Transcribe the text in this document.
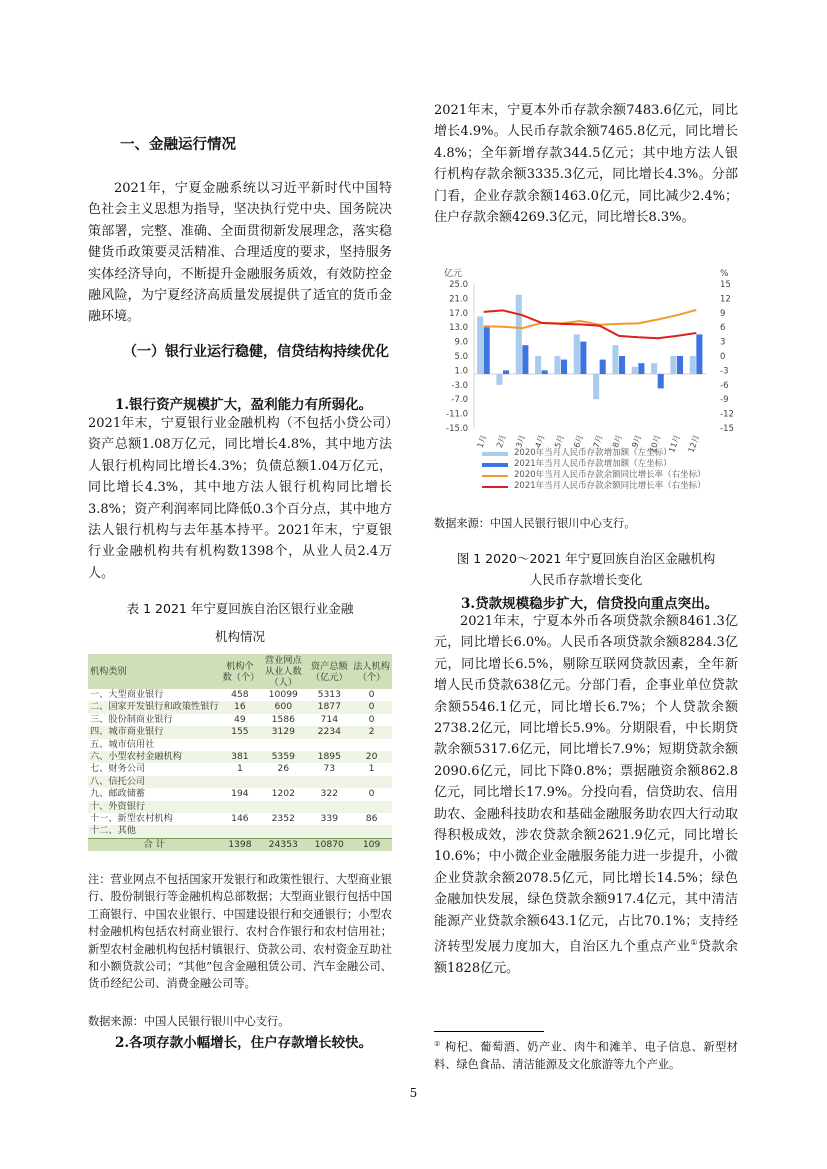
一、金融运行情况

2021年，宁夏金融系统以习近平新时代中国特色社会主义思想为指导，坚决执行党中央、国务院决策部署，完整、准确、全面贯彻新发展理念，落实稳健货币政策要灵活精准、合理适度的要求，坚持服务实体经济导向，不断提升金融服务质效，有效防控金融风险，为宁夏经济高质量发展提供了适宜的货币金融环境。

（一）银行业运行稳健，信贷结构持续优化
1.银行资产规模扩大，盈利能力有所弱化。

2021年末，宁夏银行业金融机构（不包括小贷公司）资产总额1.08万亿元，同比增长4.8%，其中地方法人银行机构同比增长4.3%；负债总额1.04万亿元，同比增长4.3%，其中地方法人银行机构同比增长3.8%；资产利润率同比降低0.3个百分点，其中地方法人银行机构与去年基本持平。2021年末，宁夏银行业金融机构共有机构数1398个，从业人员2.4万人。

表 1 2021 年宁夏回族自治区银行业金融
机构情况
机构类别	机构个数（个）	营业网点从业人数（人）	资产总额（亿元）	法人机构（个）
一、大型商业银行	458	10099	5313	0
二、国家开发银行和政策性银行	16	600	1877	0
三、股份制商业银行	49	1586	714	0
四、城市商业银行	155	3129	2234	2
五、城市信用社				
六、小型农村金融机构	381	5359	1895	20
七、财务公司	1	26	73	1
八、信托公司				
九、邮政储蓄	194	1202	322	0
十、外资银行				
十一、新型农村机构	146	2352	339	86
十二、其他				
合 计	1398	24353	10870	109

注：营业网点不包括国家开发银行和政策性银行、大型商业银行、股份制银行等金融机构总部数据；大型商业银行包括中国工商银行、中国农业银行、中国建设银行和交通银行；小型农村金融机构包括农村商业银行、农村合作银行和农村信用社；新型农村金融机构包括村镇银行、贷款公司、农村资金互助社和小额贷款公司；“其他”包含金融租赁公司、汽车金融公司、货币经纪公司、消费金融公司等。

数据来源：中国人民银行银川中心支行。
2.各项存款小幅增长，住户存款增长较快。

2021年末，宁夏本外币存款余额7483.6亿元，同比增长4.9%。人民币存款余额7465.8亿元，同比增长4.8%；全年新增存款344.5亿元；其中地方法人银行机构存款余额3335.3亿元，同比增长4.3%。分部门看，企业存款余额1463.0亿元，同比减少2.4%；住户存款余额4269.3亿元，同比增长8.3%。

亿元	%
25.0
21.0
17.0
13.0
9.0
5.0
1.0
-3.0
-7.0
-11.0
-15.0
15
12
9
6
3
0
-3
-6
-9
-12
-15
1月 2月 3月 4月 5月 6月 7月 8月 9月 10月 11月 12月
2020年当月人民币存款增加额（左坐标）
2021年当月人民币存款增加额（左坐标）
2020年当月人民币存款余额同比增长率（右坐标）
2021年当月人民币存款余额同比增长率（右坐标）
数据来源：中国人民银行银川中心支行。
图 1 2020～2021 年宁夏回族自治区金融机构
人民币存款增长变化
3.贷款规模稳步扩大，信贷投向重点突出。

2021年末，宁夏本外币各项贷款余额8461.3亿元，同比增长6.0%。人民币各项贷款余额8284.3亿元，同比增长6.5%，剔除互联网贷款因素，全年新增人民币贷款638亿元。分部门看，企事业单位贷款余额5546.1亿元，同比增长6.7%；个人贷款余额2738.2亿元，同比增长5.9%。分期限看，中长期贷款余额5317.6亿元，同比增长7.9%；短期贷款余额2090.6亿元，同比下降0.8%；票据融资余额862.8亿元，同比增长17.9%。分投向看，信贷助农、信用助农、金融科技助农和基础金融服务助农四大行动取得积极成效，涉农贷款余额2621.9亿元，同比增长10.6%；中小微企业金融服务能力进一步提升，小微企业贷款余额2078.5亿元，同比增长14.5%；绿色金融加快发展，绿色贷款余额917.4亿元，其中清洁能源产业贷款余额643.1亿元，占比70.1%；支持经济转型发展力度加大，自治区九个重点产业①贷款余额1828亿元。

① 枸杞、葡萄酒、奶产业、肉牛和滩羊、电子信息、新型材料、绿色食品、清洁能源及文化旅游等九个产业。

5
